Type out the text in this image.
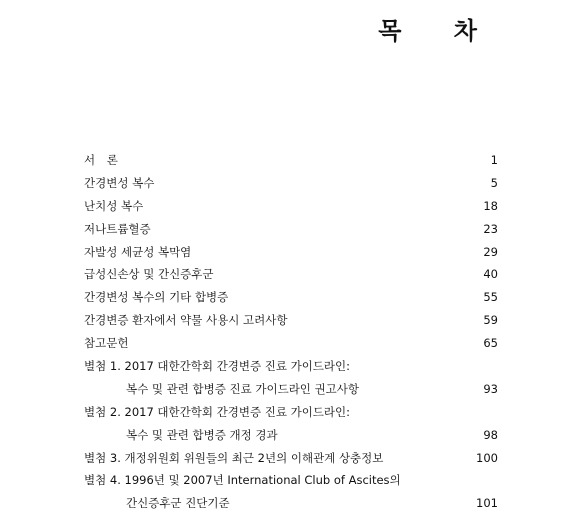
목 차
서 론	1
간경변성 복수	5
난치성 복수	18
저나트륨혈증	23
자발성 세균성 복막염	29
급성신손상 및 간신증후군	40
간경변성 복수의 기타 합병증	55
간경변증 환자에서 약물 사용시 고려사항	59
참고문헌	65
별첨 1. 2017 대한간학회 간경변증 진료 가이드라인:
복수 및 관련 합병증 진료 가이드라인 권고사항	93
별첨 2. 2017 대한간학회 간경변증 진료 가이드라인:
복수 및 관련 합병증 개정 경과	98
별첨 3. 개정위원회 위원들의 최근 2년의 이해관계 상충정보	100
별첨 4. 1996년 및 2007년 International Club of Ascites의
간신증후군 진단기준	101
